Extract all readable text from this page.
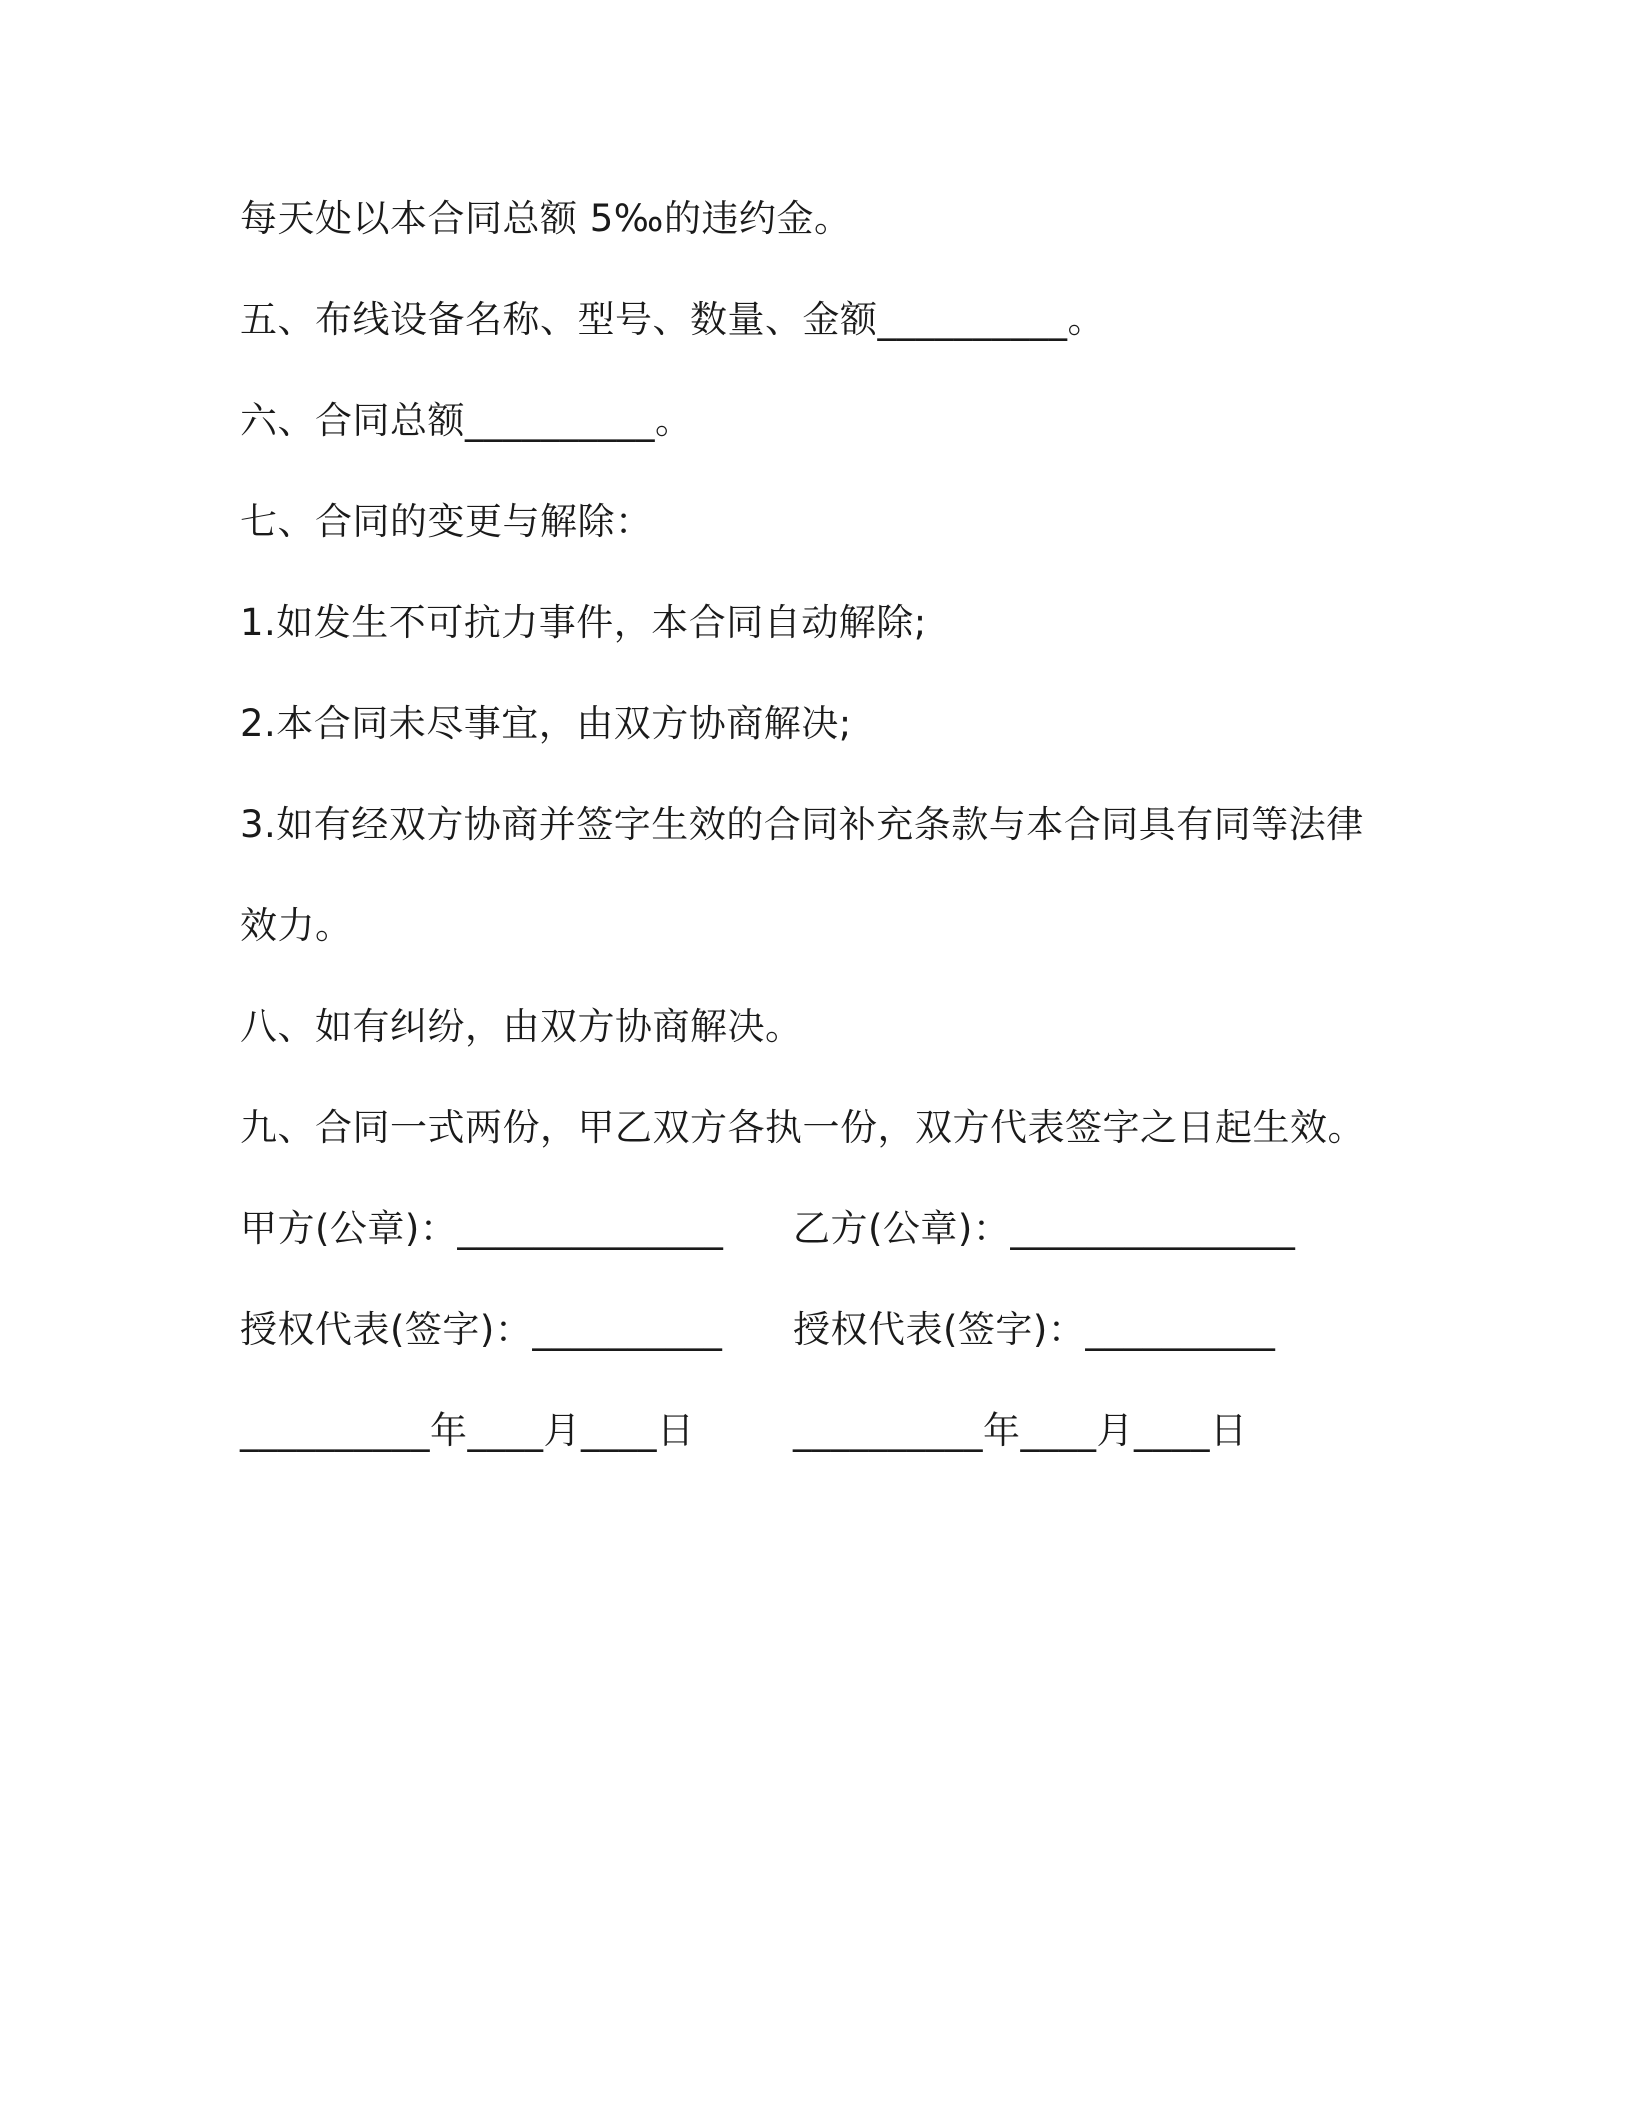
每天处以本合同总额 5‰的违约金。
五、布线设备名称、型号、数量、金额__________。
六、合同总额__________。
七、合同的变更与解除：
1.如发生不可抗力事件，本合同自动解除;
2.本合同未尽事宜，由双方协商解决;
3.如有经双方协商并签字生效的合同补充条款与本合同具有同等法律
效力。
八、如有纠纷，由双方协商解决。
九、合同一式两份，甲乙双方各执一份，双方代表签字之日起生效。
甲方(公章)：______________ 乙方(公章)：_______________
授权代表(签字)：__________ 授权代表(签字)：__________
__________年____月____日	__________年____月____日
